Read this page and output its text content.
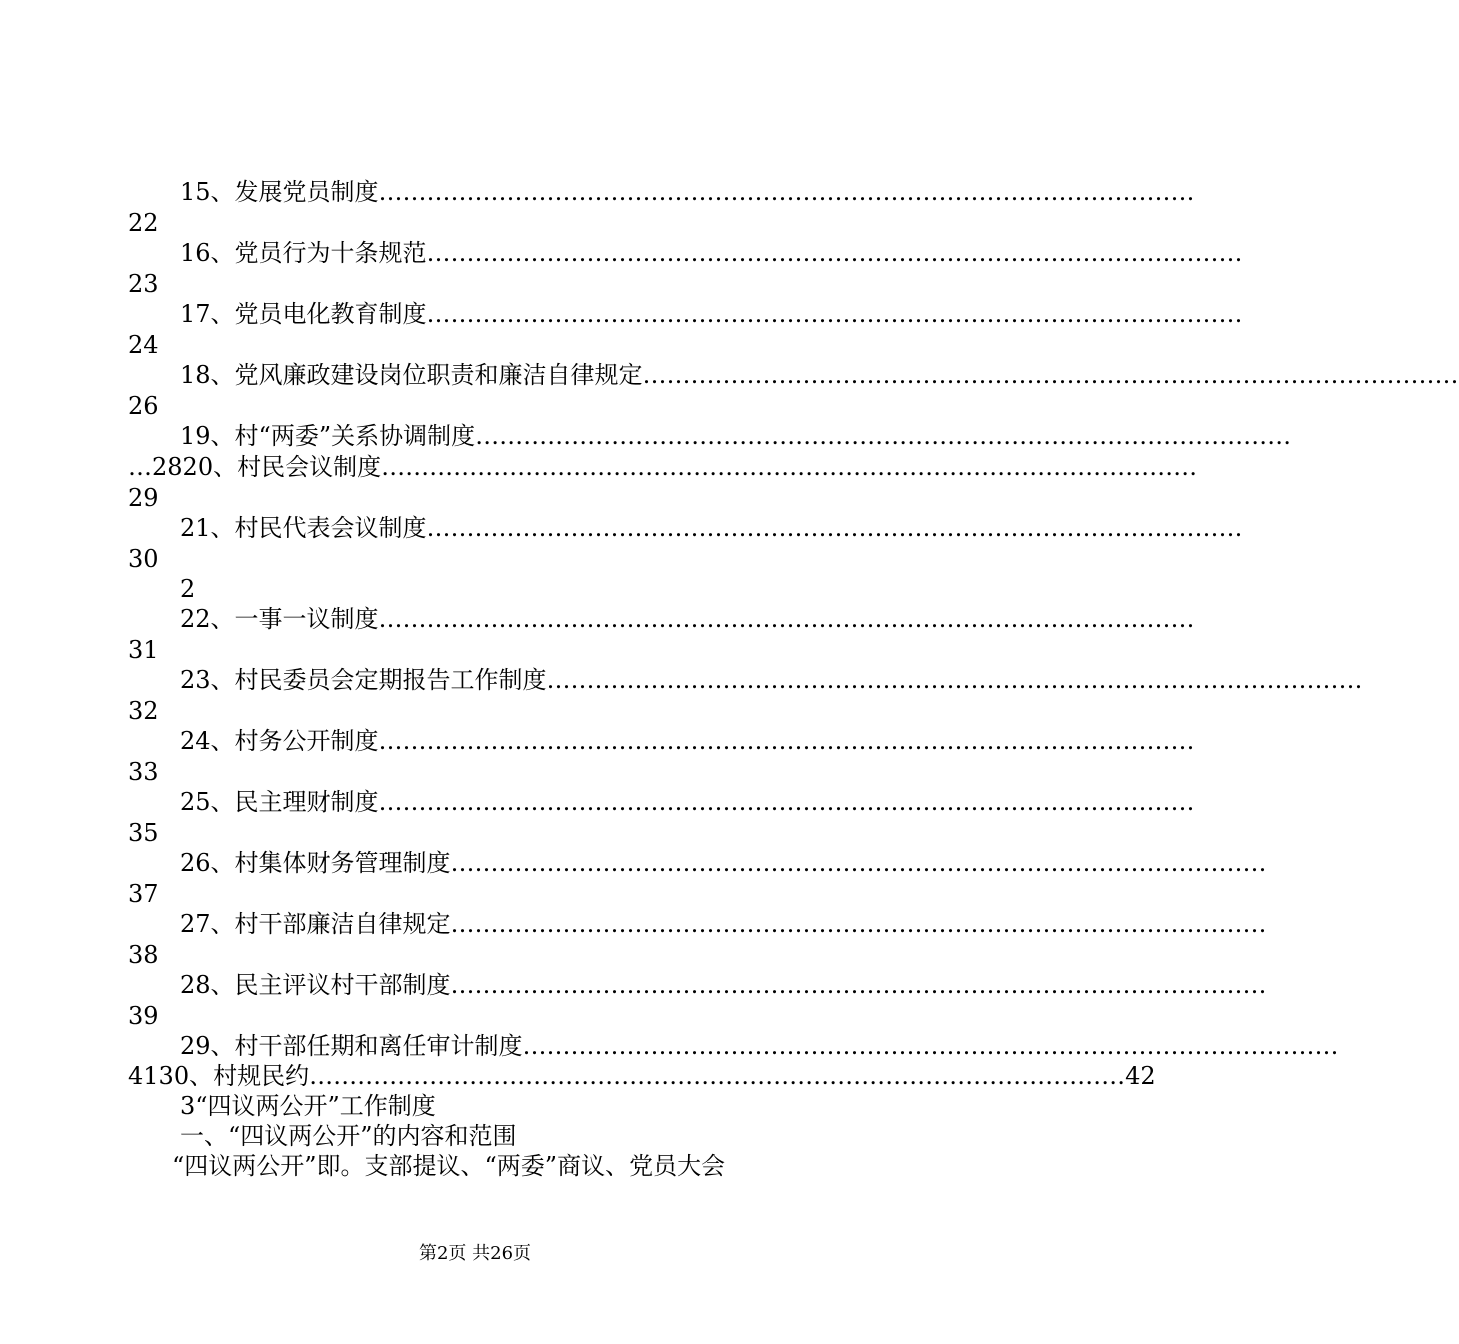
15、发展党员制度 …………………………………………………………………………………………
22
16、党员行为十条规范 …………………………………………………………………………………………
23
17、党员电化教育制度 …………………………………………………………………………………………
24
18、党风廉政建设岗位职责和廉洁自律规定 …………………………………………………………………………………………
26
19、村“两委”关系协调制度 …………………………………………………………………………………………
…2820、村民会议制度 …………………………………………………………………………………………
29
21、村民代表会议制度 …………………………………………………………………………………………
30
2
22、一事一议制度 …………………………………………………………………………………………
31
23、村民委员会定期报告工作制度 …………………………………………………………………………………………
32
24、村务公开制度 …………………………………………………………………………………………
33
25、民主理财制度 …………………………………………………………………………………………
35
26、村集体财务管理制度 …………………………………………………………………………………………
37
27、村干部廉洁自律规定 …………………………………………………………………………………………
38
28、民主评议村干部制度 …………………………………………………………………………………………
39
29、村干部任期和离任审计制度 …………………………………………………………………………………………
4130、村规民约 ………………………………………………………………………………………… 42
3“四议两公开”工作制度
一、“四议两公开”的内容和范围
“四议两公开”即。支部提议、“两委”商议、党员大会
第2页 共26页
